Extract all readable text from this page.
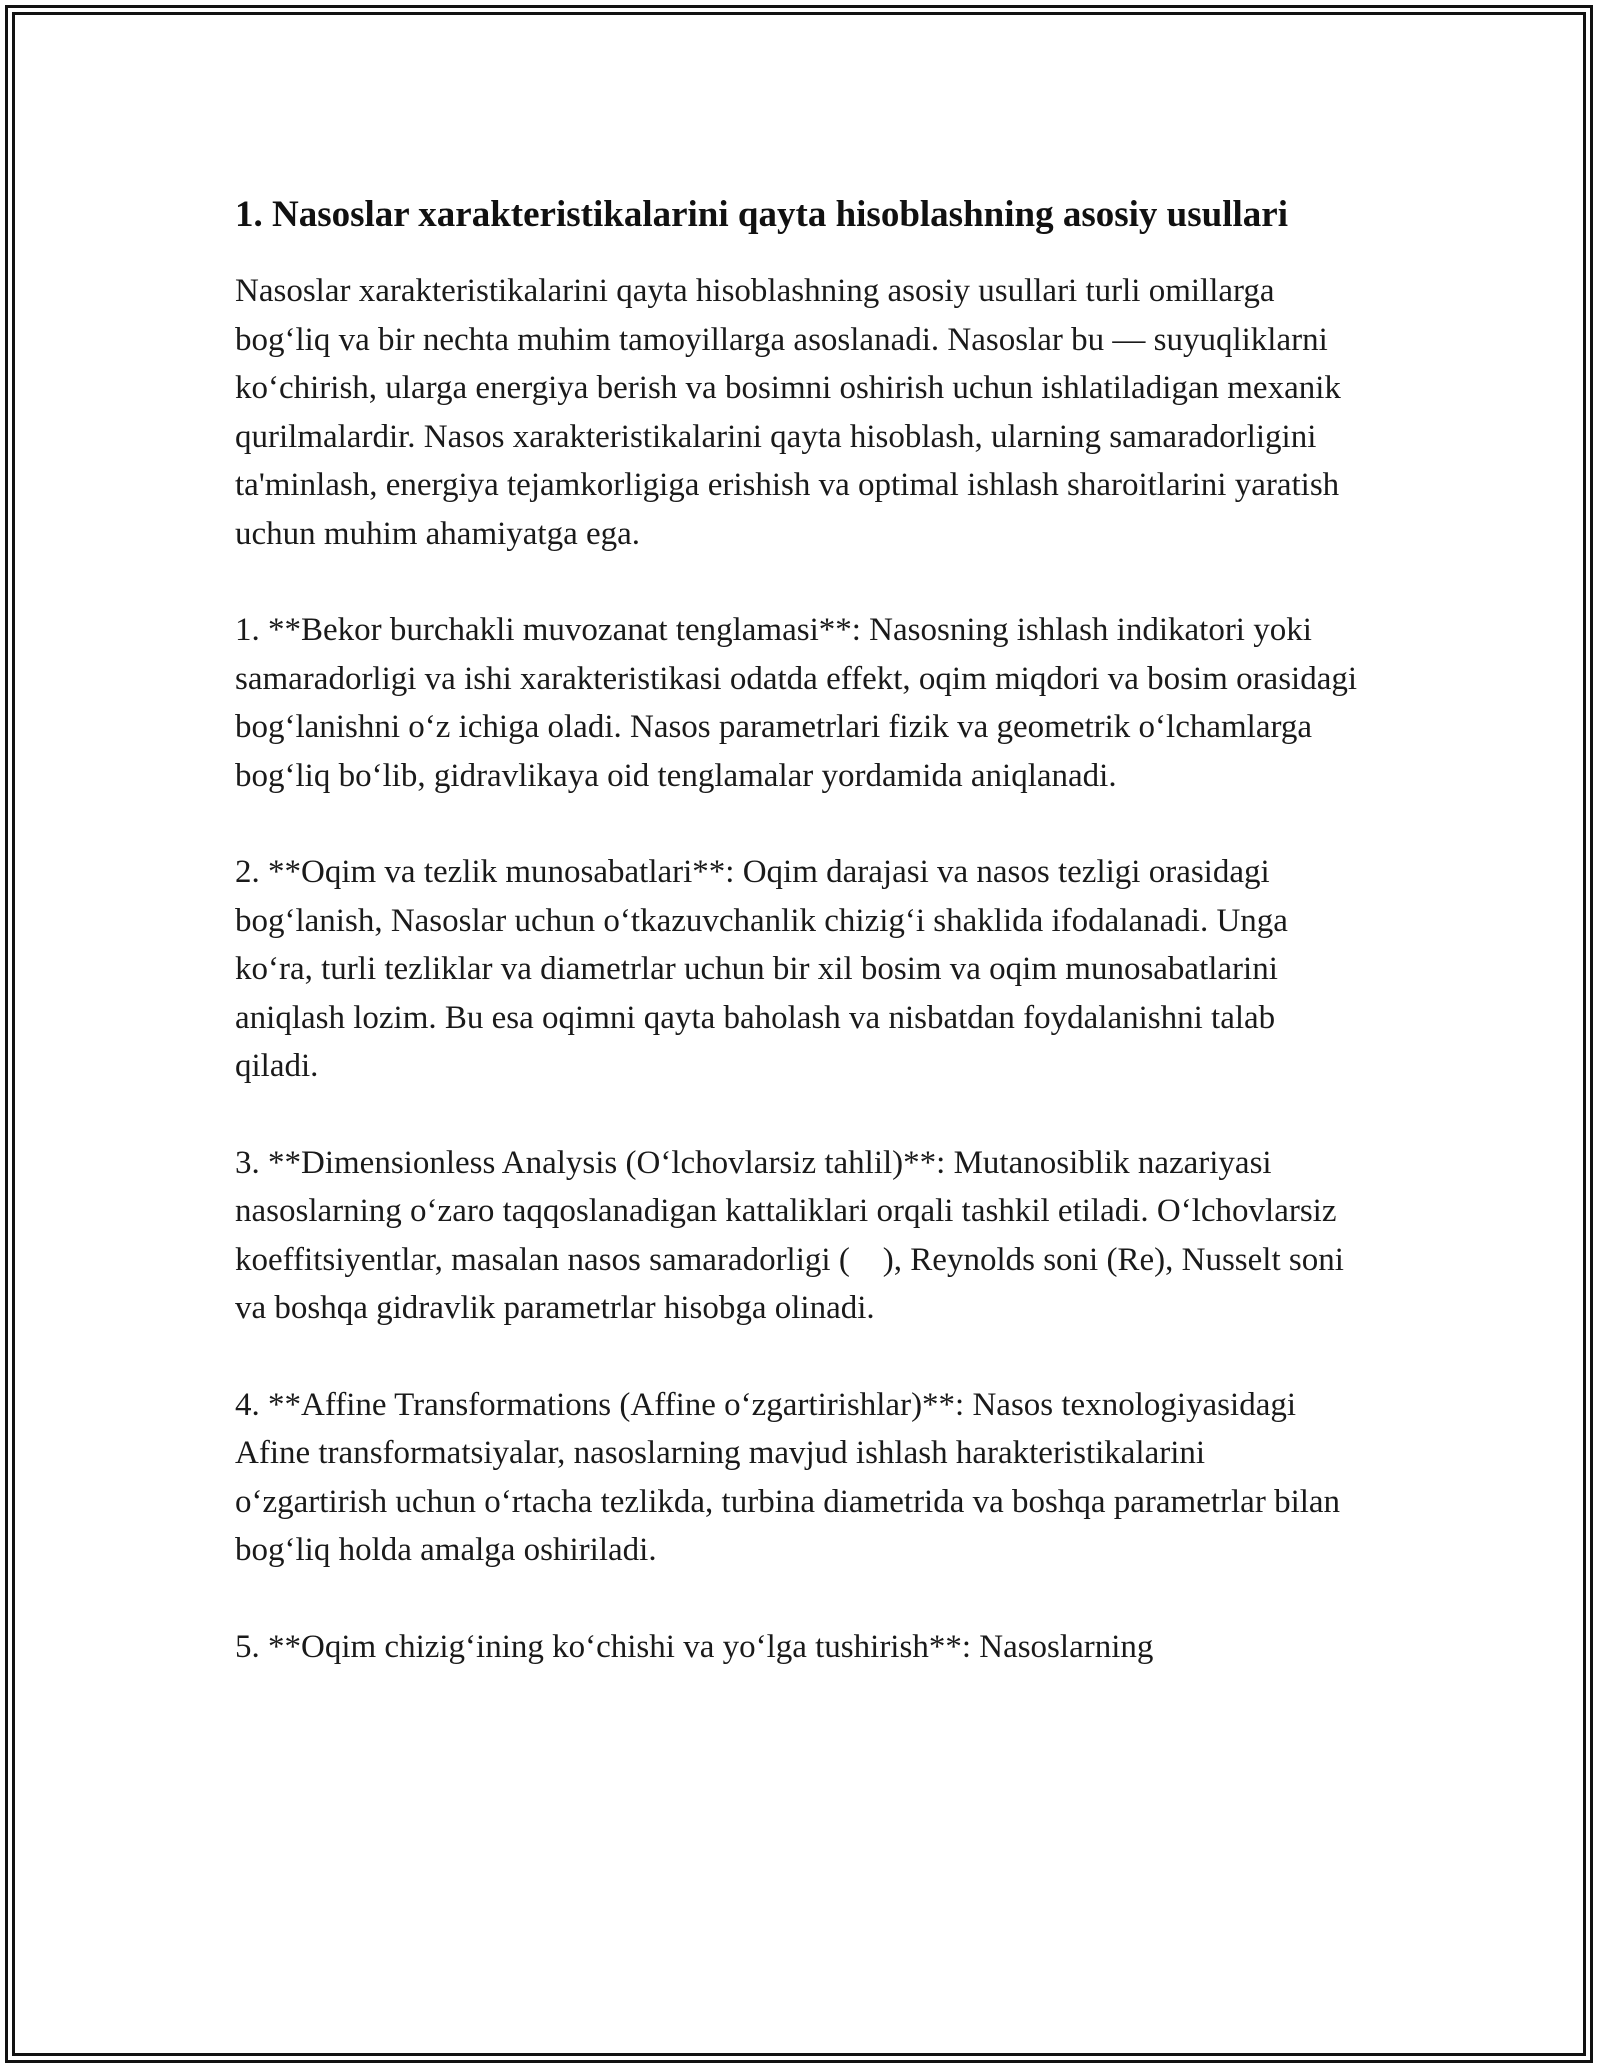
1. Nasoslar xarakteristikalarini qayta hisoblashning asosiy usullari

Nasoslar xarakteristikalarini qayta hisoblashning asosiy usullari turli omillarga bog‘liq va bir nechta muhim tamoyillarga asoslanadi. Nasoslar bu — suyuqliklarni ko‘chirish, ularga energiya berish va bosimni oshirish uchun ishlatiladigan mexanik qurilmalardir. Nasos xarakteristikalarini qayta hisoblash, ularning samaradorligini ta'minlash, energiya tejamkorligiga erishish va optimal ishlash sharoitlarini yaratish uchun muhim ahamiyatga ega.

1. **Bekor burchakli muvozanat tenglamasi**: Nasosning ishlash indikatori yoki samaradorligi va ishi xarakteristikasi odatda effekt, oqim miqdori va bosim orasidagi bog‘lanishni o‘z ichiga oladi. Nasos parametrlari fizik va geometrik o‘lchamlarga bog‘liq bo‘lib, gidravlikaya oid tenglamalar yordamida aniqlanadi.

2. **Oqim va tezlik munosabatlari**: Oqim darajasi va nasos tezligi orasidagi bog‘lanish, Nasoslar uchun o‘tkazuvchanlik chizig‘i shaklida ifodalanadi. Unga ko‘ra, turli tezliklar va diametrlar uchun bir xil bosim va oqim munosabatlarini aniqlash lozim. Bu esa oqimni qayta baholash va nisbatdan foydalanishni talab qiladi.

3. **Dimensionless Analysis (O‘lchovlarsiz tahlil)**: Mutanosiblik nazariyasi nasoslarning o‘zaro taqqoslanadigan kattaliklari orqali tashkil etiladi. O‘lchovlarsiz koeffitsiyentlar, masalan nasos samaradorligi (    ), Reynolds soni (Re), Nusselt soni va boshqa gidravlik parametrlar hisobga olinadi.

4. **Affine Transformations (Affine o‘zgartirishlar)**: Nasos texnologiyasidagi Afine transformatsiyalar, nasoslarning mavjud ishlash harakteristikalarini o‘zgartirish uchun o‘rtacha tezlikda, turbina diametrida va boshqa parametrlar bilan bog‘liq holda amalga oshiriladi.

5. **Oqim chizig‘ining ko‘chishi va yo‘lga tushirish**: Nasoslarning
